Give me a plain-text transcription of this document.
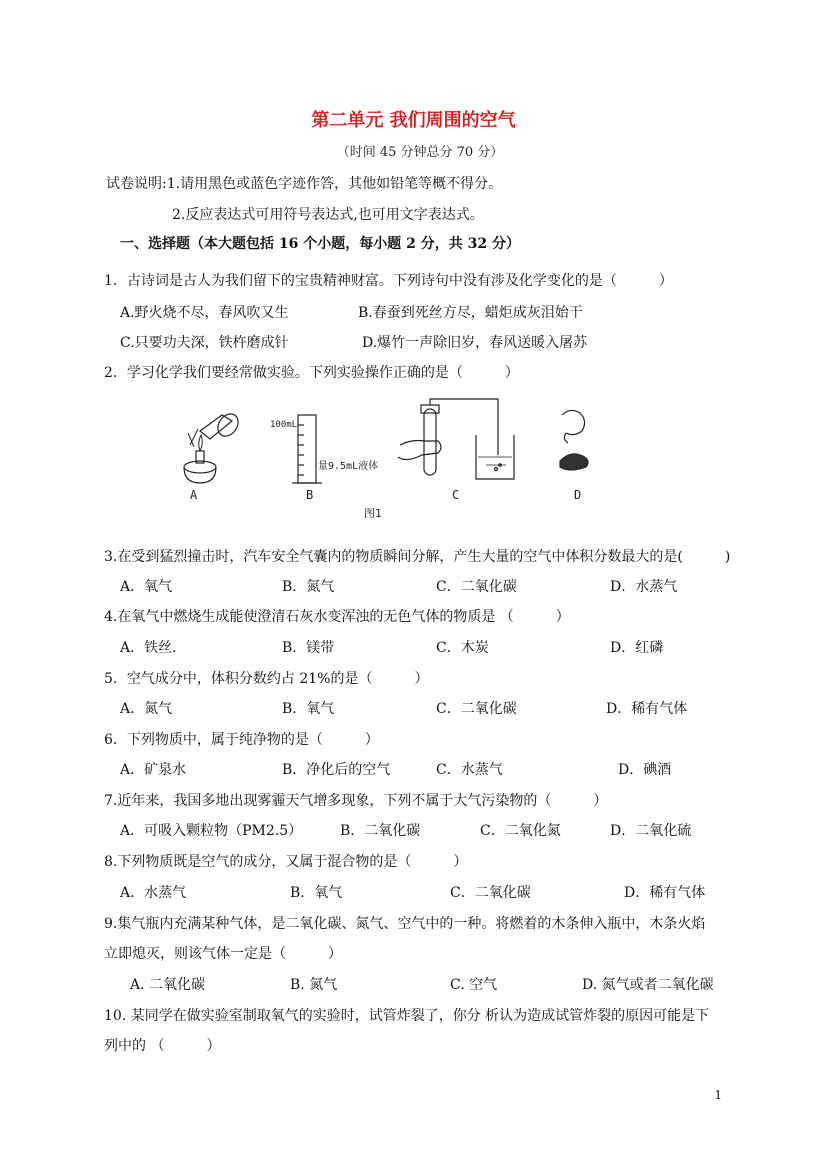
第二单元 我们周围的空气
（时间 45 分钟总分 70 分）
试卷说明:1.请用黑色或蓝色字迹作答，其他如铅笔等概不得分。
2.反应表达式可用符号表达式,也可用文字表达式。
一、选择题（本大题包括 16 个小题，每小题 2 分，共 32 分）
1．古诗词是古人为我们留下的宝贵精神财富。下列诗句中没有涉及化学变化的是（　　　）
A.野火烧不尽，春风吹又生	B.春蚕到死丝方尽，蜡炬成灰泪始干
C.只要功夫深，铁杵磨成针	D.爆竹一声除旧岁，春风送暖入屠苏
2．学习化学我们要经常做实验。下列实验操作正确的是（　　　）
A
100mL
量9.5mL液体
B	C	D
图1
3.在受到猛烈撞击时，汽车安全气囊内的物质瞬间分解，产生大量的空气中体积分数最大的是(　　　)
A．氧气	B．氮气	C．二氧化碳	D．水蒸气
4.在氧气中燃烧生成能使澄清石灰水变浑浊的无色气体的物质是 （　　　）
A．铁丝.	B．镁带	C．木炭	D．红磷
5．空气成分中，体积分数约占 21%的是（　　　）
A．氮气	B．氧气	C．二氧化碳	D．稀有气体
6．下列物质中，属于纯净物的是（　　　）
A．矿泉水	B．净化后的空气	C．水蒸气	D．碘酒
7.近年来，我国多地出现雾霾天气增多现象，下列不属于大气污染物的（　　　）
A．可吸入颗粒物（PM2.5）	B．二氧化碳	C．二氧化氮	D．二氧化硫
8.下列物质既是空气的成分，又属于混合物的是（　　　）
A．水蒸气	B．氧气	C．二氧化碳	D．稀有气体
9.集气瓶内充满某种气体，是二氧化碳、氮气、空气中的一种。将燃着的木条伸入瓶中，木条火焰
立即熄灭，则该气体一定是（　　　）
A. 二氧化碳	B. 氮气	C. 空气	D. 氮气或者二氧化碳
10. 某同学在做实验室制取氧气的实验时，试管炸裂了，你分 析认为造成试管炸裂的原因可能是下
列中的 （　　　）
1
